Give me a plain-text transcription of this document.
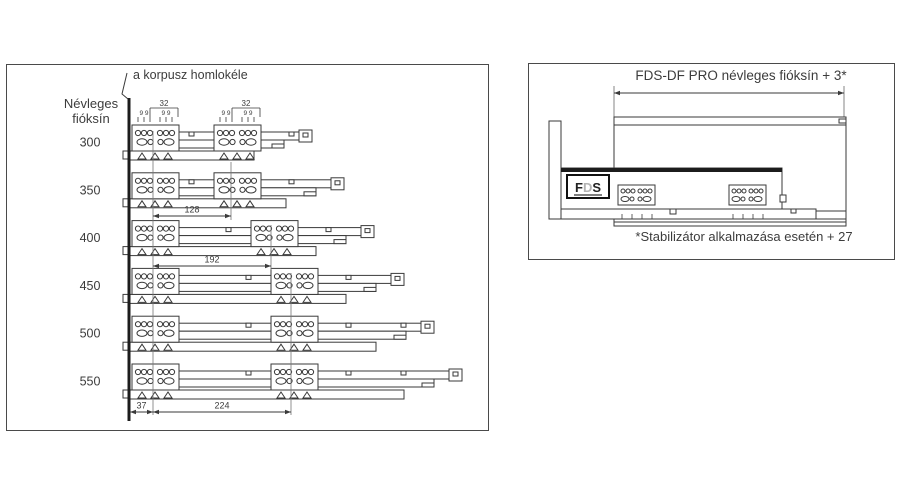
9 9 9 9
32
9 9 9 9
32
300
350
400
450
500
550
128
192
37	224
FDS
Névleges
fióksín
a korpusz homlokéle	FDS-DF PRO névleges fióksín + 3*
*Stabilizátor alkalmazása esetén + 27
